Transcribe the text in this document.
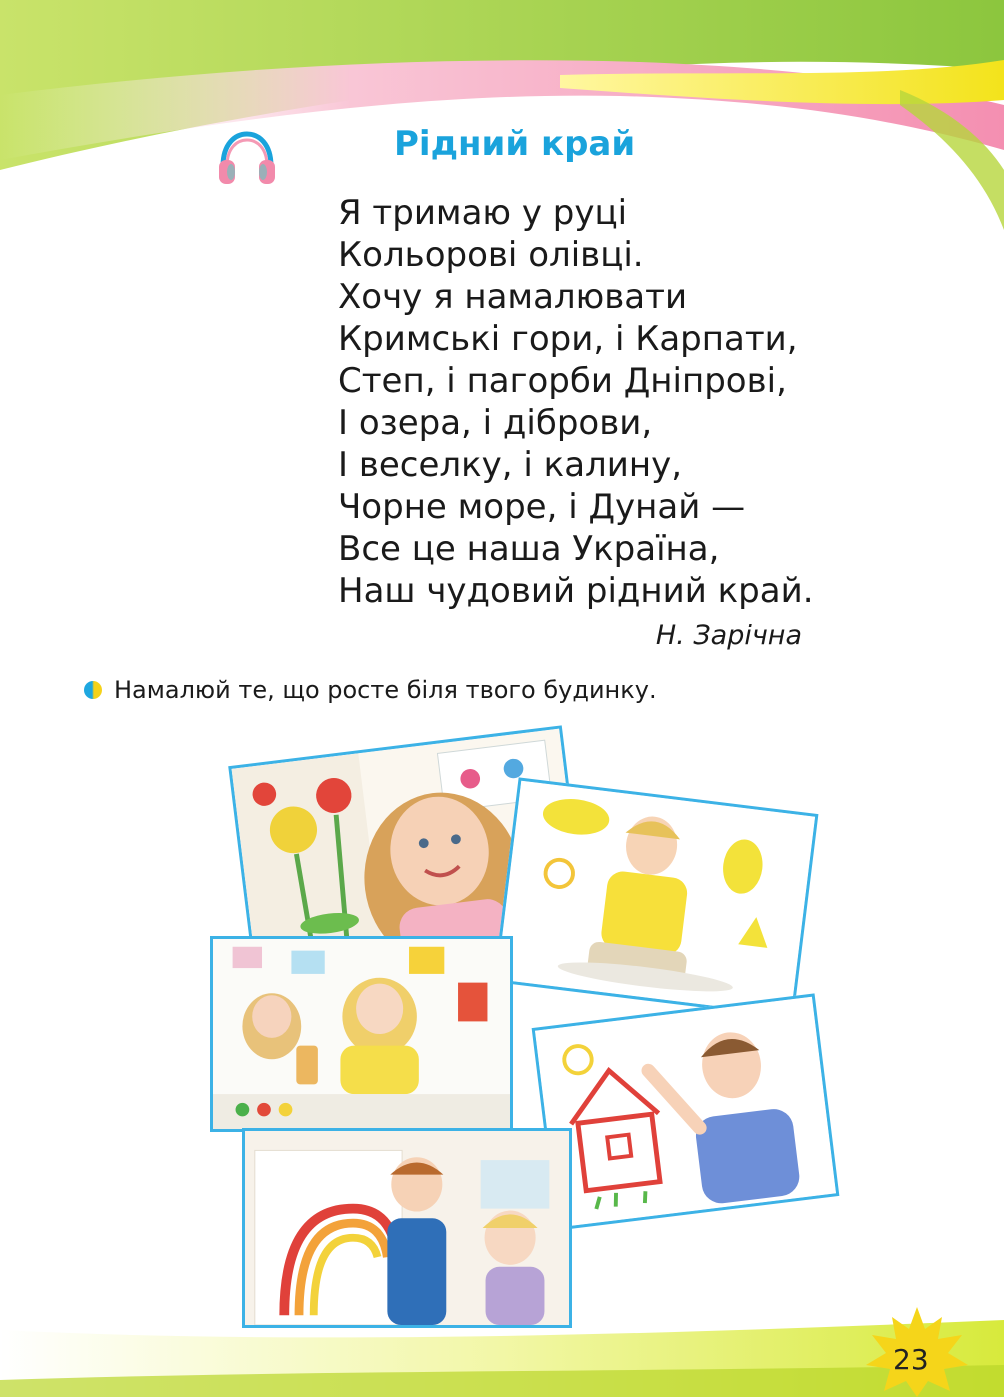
Рідний край
Я тримаю у руці
Кольорові олівці.
Хочу я намалювати
Кримські гори, і Карпати,
Степ, і пагорби Дніпрові,
І озера, і діброви,
І веселку, і калину,
Чорне море, і Дунай —
Все це наша Україна,
Наш чудовий рідний край.
Н. Зарічна
Намалюй те, що росте біля твого будинку.
23
